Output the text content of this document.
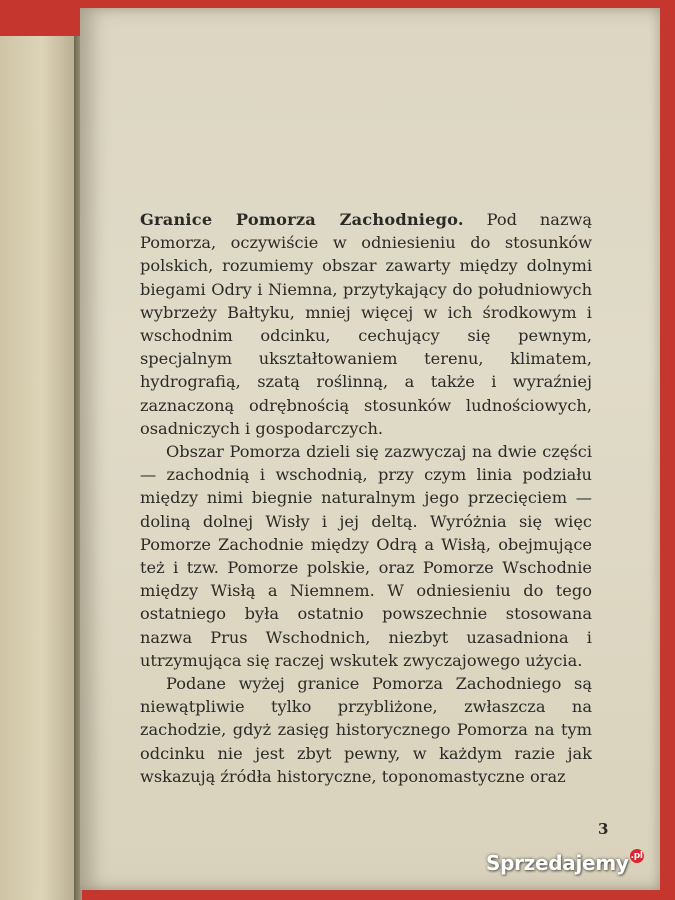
Granice Pomorza Zachodniego. Pod nazwą Pomorza, oczywiście w odniesieniu do stosunków polskich, rozumiemy obszar zawarty między dolnymi biegami Odry i Niemna, przytykający do południowych wybrzeży Bałtyku, mniej więcej w ich środkowym i wschodnim odcinku, cechujący się pewnym, specjalnym ukształtowaniem terenu, klimatem, hydrografią, szatą roślinną, a także i wyraźniej zaznaczoną odrębnością stosunków ludnościowych, osadniczych i gospodarczych.

Obszar Pomorza dzieli się zazwyczaj na dwie części — zachodnią i wschodnią, przy czym linia podziału między nimi biegnie naturalnym jego przecięciem — doliną dolnej Wisły i jej deltą. Wyróżnia się więc Pomorze Zachodnie między Odrą a Wisłą, obejmujące też i tzw. Pomorze polskie, oraz Pomorze Wschodnie między Wisłą a Niemnem. W odniesieniu do tego ostatniego była ostatnio powszechnie stosowana nazwa Prus Wschodnich, niezbyt uzasadniona i utrzymująca się raczej wskutek zwyczajowego użycia.

Podane wyżej granice Pomorza Zachodniego są niewątpliwie tylko przybliżone, zwłaszcza na zachodzie, gdyż zasięg historycznego Pomorza na tym odcinku nie jest zbyt pewny, w każdym razie jak wskazują źródła historyczne, toponomastyczne oraz

3
Sprzedajemy .pl
